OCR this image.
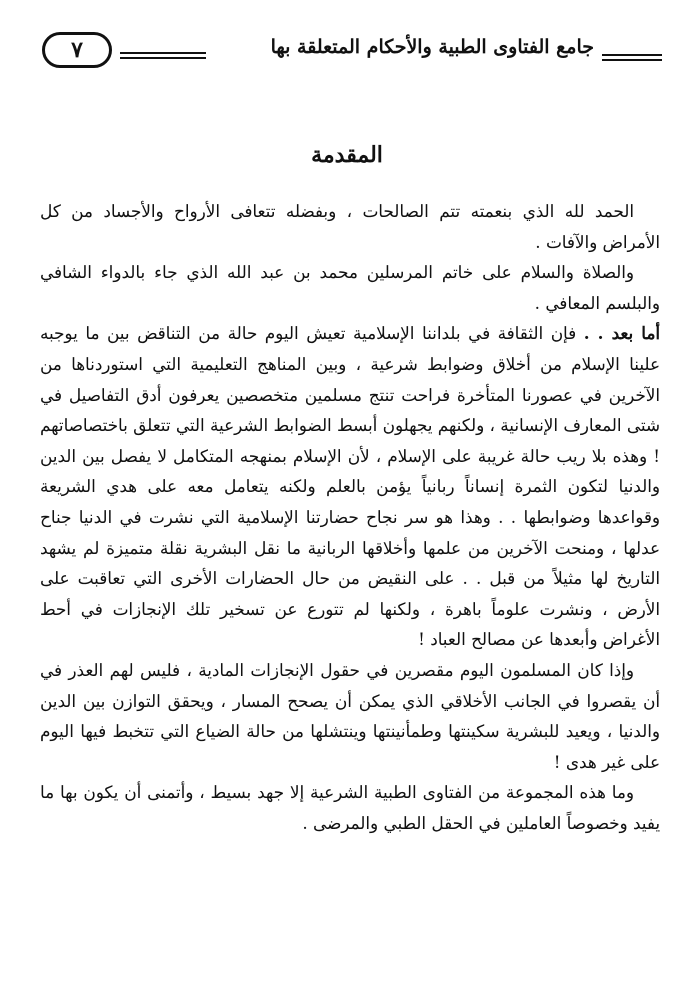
جامع الفتاوى الطبية والأحكام المتعلقة بها
٧
المقدمة

الحمد لله الذي بنعمته تتم الصالحات ، وبفضله تتعافى الأرواح والأجساد من كل الأمراض والآفات .

والصلاة والسلام على خاتم المرسلين محمد بن عبد الله الذي جاء بالدواء الشافي والبلسم المعافي .

أما بعد . . فإن الثقافة في بلداننا الإسلامية تعيش اليوم حالة من التناقض بين ما يوجبه علينا الإسلام من أخلاق وضوابط شرعية ، وبين المناهج التعليمية التي استوردناها من الآخرين في عصورنا المتأخرة فراحت تنتج مسلمين متخصصين يعرفون أدق التفاصيل في شتى المعارف الإنسانية ، ولكنهم يجهلون أبسط الضوابط الشرعية التي تتعلق باختصاصاتهم ! وهذه بلا ريب حالة غريبة على الإسلام ، لأن الإسلام بمنهجه المتكامل لا يفصل بين الدين والدنيا لتكون الثمرة إنساناً ربانياً يؤمن بالعلم ولكنه يتعامل معه على هدي الشريعة وقواعدها وضوابطها . . وهذا هو سر نجاح حضارتنا الإسلامية التي نشرت في الدنيا جناح عدلها ، ومنحت الآخرين من علمها وأخلاقها الربانية ما نقل البشرية نقلة متميزة لم يشهد التاريخ لها مثيلاً من قبل . . على النقيض من حال الحضارات الأخرى التي تعاقبت على الأرض ، ونشرت علوماً باهرة ، ولكنها لم تتورع عن تسخير تلك الإنجازات في أحط الأغراض وأبعدها عن مصالح العباد !

وإذا كان المسلمون اليوم مقصرين في حقول الإنجازات المادية ، فليس لهم العذر في أن يقصروا في الجانب الأخلاقي الذي يمكن أن يصحح المسار ، ويحقق التوازن بين الدين والدنيا ، ويعيد للبشرية سكينتها وطمأنينتها وينتشلها من حالة الضياع التي تتخبط فيها اليوم على غير هدى !

وما هذه المجموعة من الفتاوى الطبية الشرعية إلا جهد بسيط ، وأتمنى أن يكون بها ما يفيد وخصوصاً العاملين في الحقل الطبي والمرضى .
